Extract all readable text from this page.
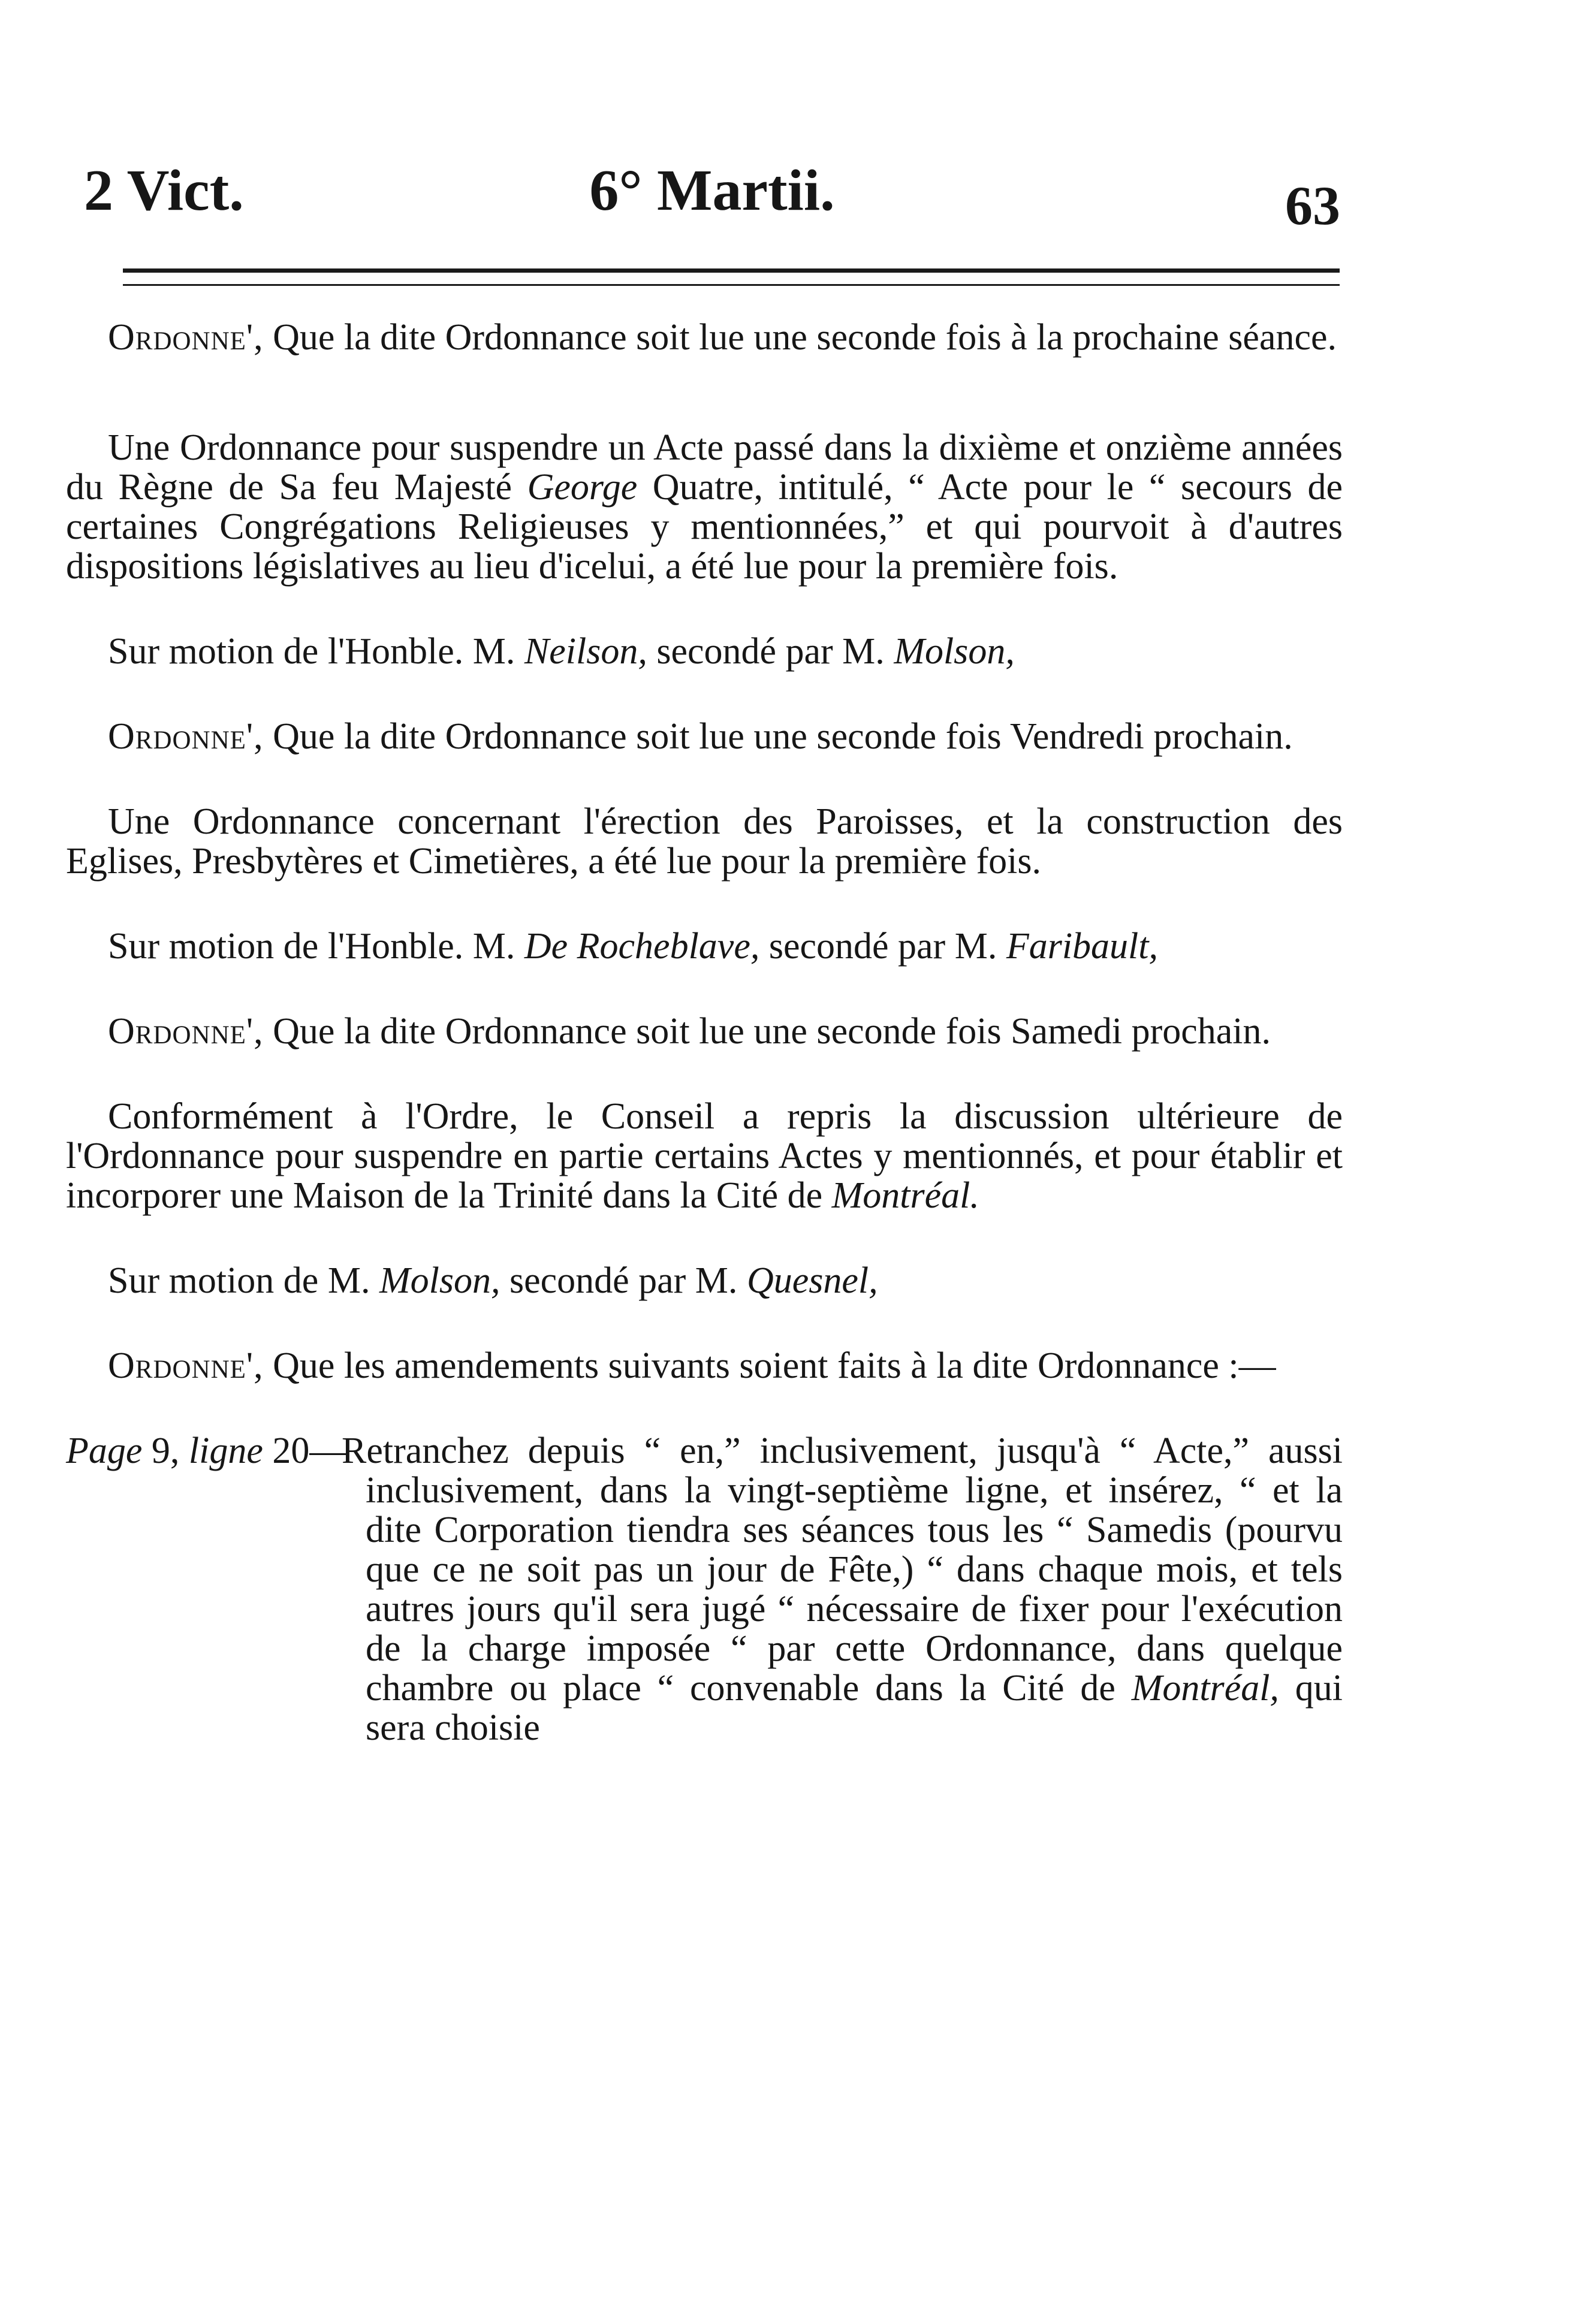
2 Vict.	6° Martii.	63

Ordonne', Que la dite Ordonnance soit lue une seconde fois à la prochaine séance.

Une Ordonnance pour suspendre un Acte passé dans la dixième et onzième années du Règne de Sa feu Majesté George Quatre, intitulé, “ Acte pour le “ secours de certaines Congrégations Religieuses y mentionnées,” et qui pourvoit à d'autres dispositions législatives au lieu d'icelui, a été lue pour la première fois.

Sur motion de l'Honble. M. Neilson, secondé par M. Molson,

Ordonne', Que la dite Ordonnance soit lue une seconde fois Vendredi prochain.

Une Ordonnance concernant l'érection des Paroisses, et la construction des Eglises, Presbytères et Cimetières, a été lue pour la première fois.

Sur motion de l'Honble. M. De Rocheblave, secondé par M. Faribault,

Ordonne', Que la dite Ordonnance soit lue une seconde fois Samedi prochain.

Conformément à l'Ordre, le Conseil a repris la discussion ultérieure de l'Ordonnance pour suspendre en partie certains Actes y mentionnés, et pour établir et incorporer une Maison de la Trinité dans la Cité de Montréal.

Sur motion de M. Molson, secondé par M. Quesnel,

Ordonne', Que les amendements suivants soient faits à la dite Ordonnance :—

Page 9, ligne 20—

Retranchez depuis “ en,” inclusivement, jusqu'à “ Acte,” aussi inclusivement, dans la vingt-septième ligne, et insérez, “ et la dite Corporation tiendra ses séances tous les “ Samedis (pourvu que ce ne soit pas un jour de Fête,) “ dans chaque mois, et tels autres jours qu'il sera jugé “ nécessaire de fixer pour l'exécution de la charge imposée “ par cette Ordonnance, dans quelque chambre ou place “ convenable dans la Cité de Montréal, qui sera choisie
